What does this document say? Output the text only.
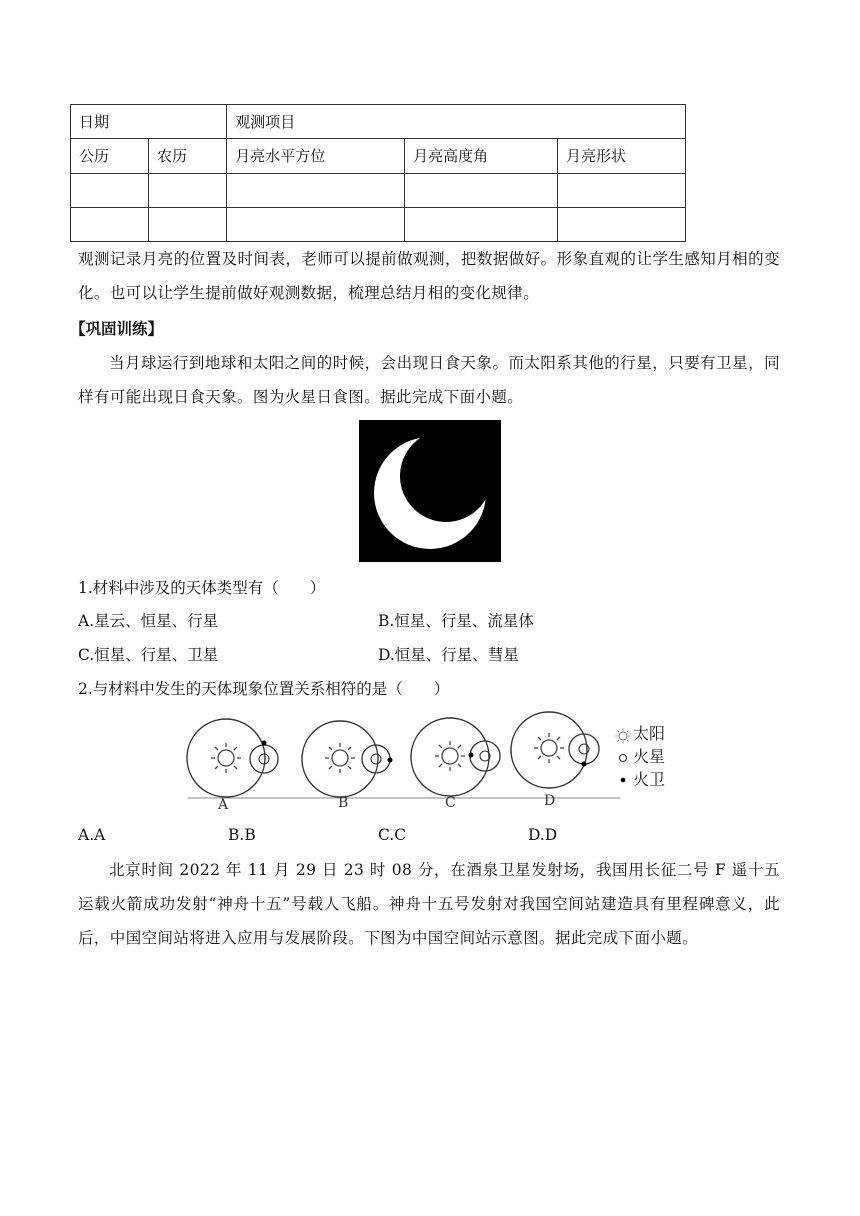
日期		观测项目		
公历	农历	月亮水平方位	月亮高度角	月亮形状

观测记录月亮的位置及时间表，老师可以提前做观测，把数据做好。形象直观的让学生感知月相的变化。也可以让学生提前做好观测数据，梳理总结月相的变化规律。
【巩固训练】
当月球运行到地球和太阳之间的时候，会出现日食天象。而太阳系其他的行星，只要有卫星，同样有可能出现日食天象。图为火星日食图。据此完成下面小题。
1.材料中涉及的天体类型有（　　）
A.星云、恒星、行星	B.恒星、行星、流星体
C.恒星、行星、卫星	D.恒星、行星、彗星
2.与材料中发生的天体现象位置关系相符的是（　　）
A	B	C	D
太阳
火星
火卫
A.A	B.B	C.C	D.D
北京时间 2022 年 11 月 29 日 23 时 08 分，在酒泉卫星发射场，我国用长征二号 F 遥十五运载火箭成功发射“神舟十五”号载人飞船。神舟十五号发射对我国空间站建造具有里程碑意义，此后，中国空间站将进入应用与发展阶段。下图为中国空间站示意图。据此完成下面小题。
